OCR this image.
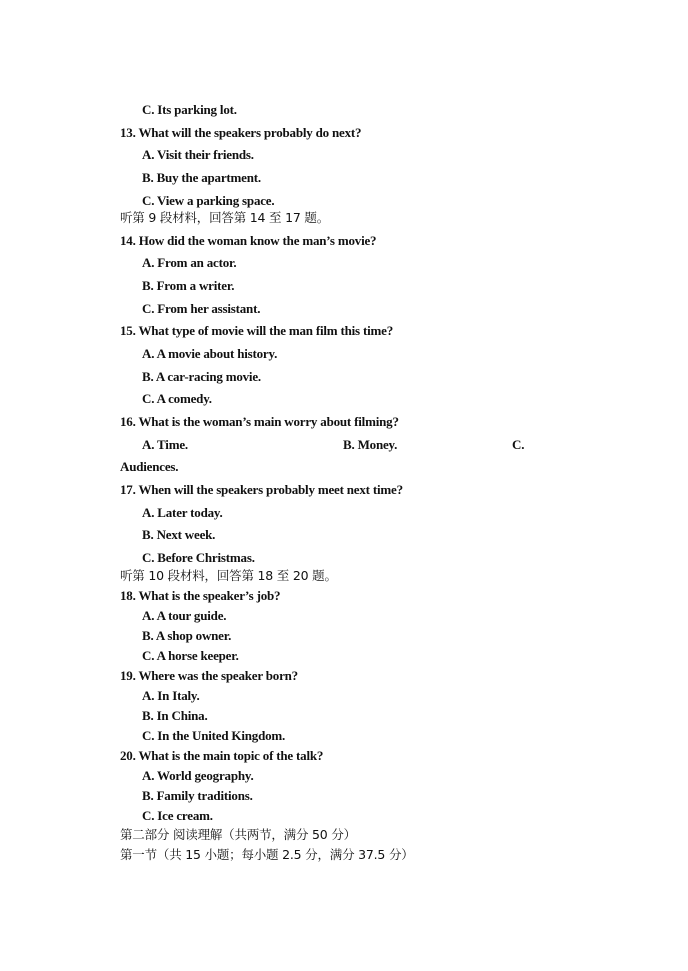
C. Its parking lot.
13. What will the speakers probably do next?
A. Visit their friends.
B. Buy the apartment.
C. View a parking space.
听第 9 段材料，回答第 14 至 17 题。
14. How did the woman know the man’s movie?
A. From an actor.
B. From a writer.
C. From her assistant.
15. What type of movie will the man film this time?
A. A movie about history.
B. A car-racing movie.
C. A comedy.
16. What is the woman’s main worry about filming?
A. Time.	B. Money.	C.
Audiences.
17. When will the speakers probably meet next time?
A. Later today.
B. Next week.
C. Before Christmas.
听第 10 段材料，回答第 18 至 20 题。
18. What is the speaker’s job?
A. A tour guide.
B. A shop owner.
C. A horse keeper.
19. Where was the speaker born?
A. In Italy.
B. In China.
C. In the United Kingdom.
20. What is the main topic of the talk?
A. World geography.
B. Family traditions.
C. Ice cream.
第二部分 阅读理解（共两节，满分 50 分）
第一节（共 15 小题；每小题 2.5 分，满分 37.5 分）
